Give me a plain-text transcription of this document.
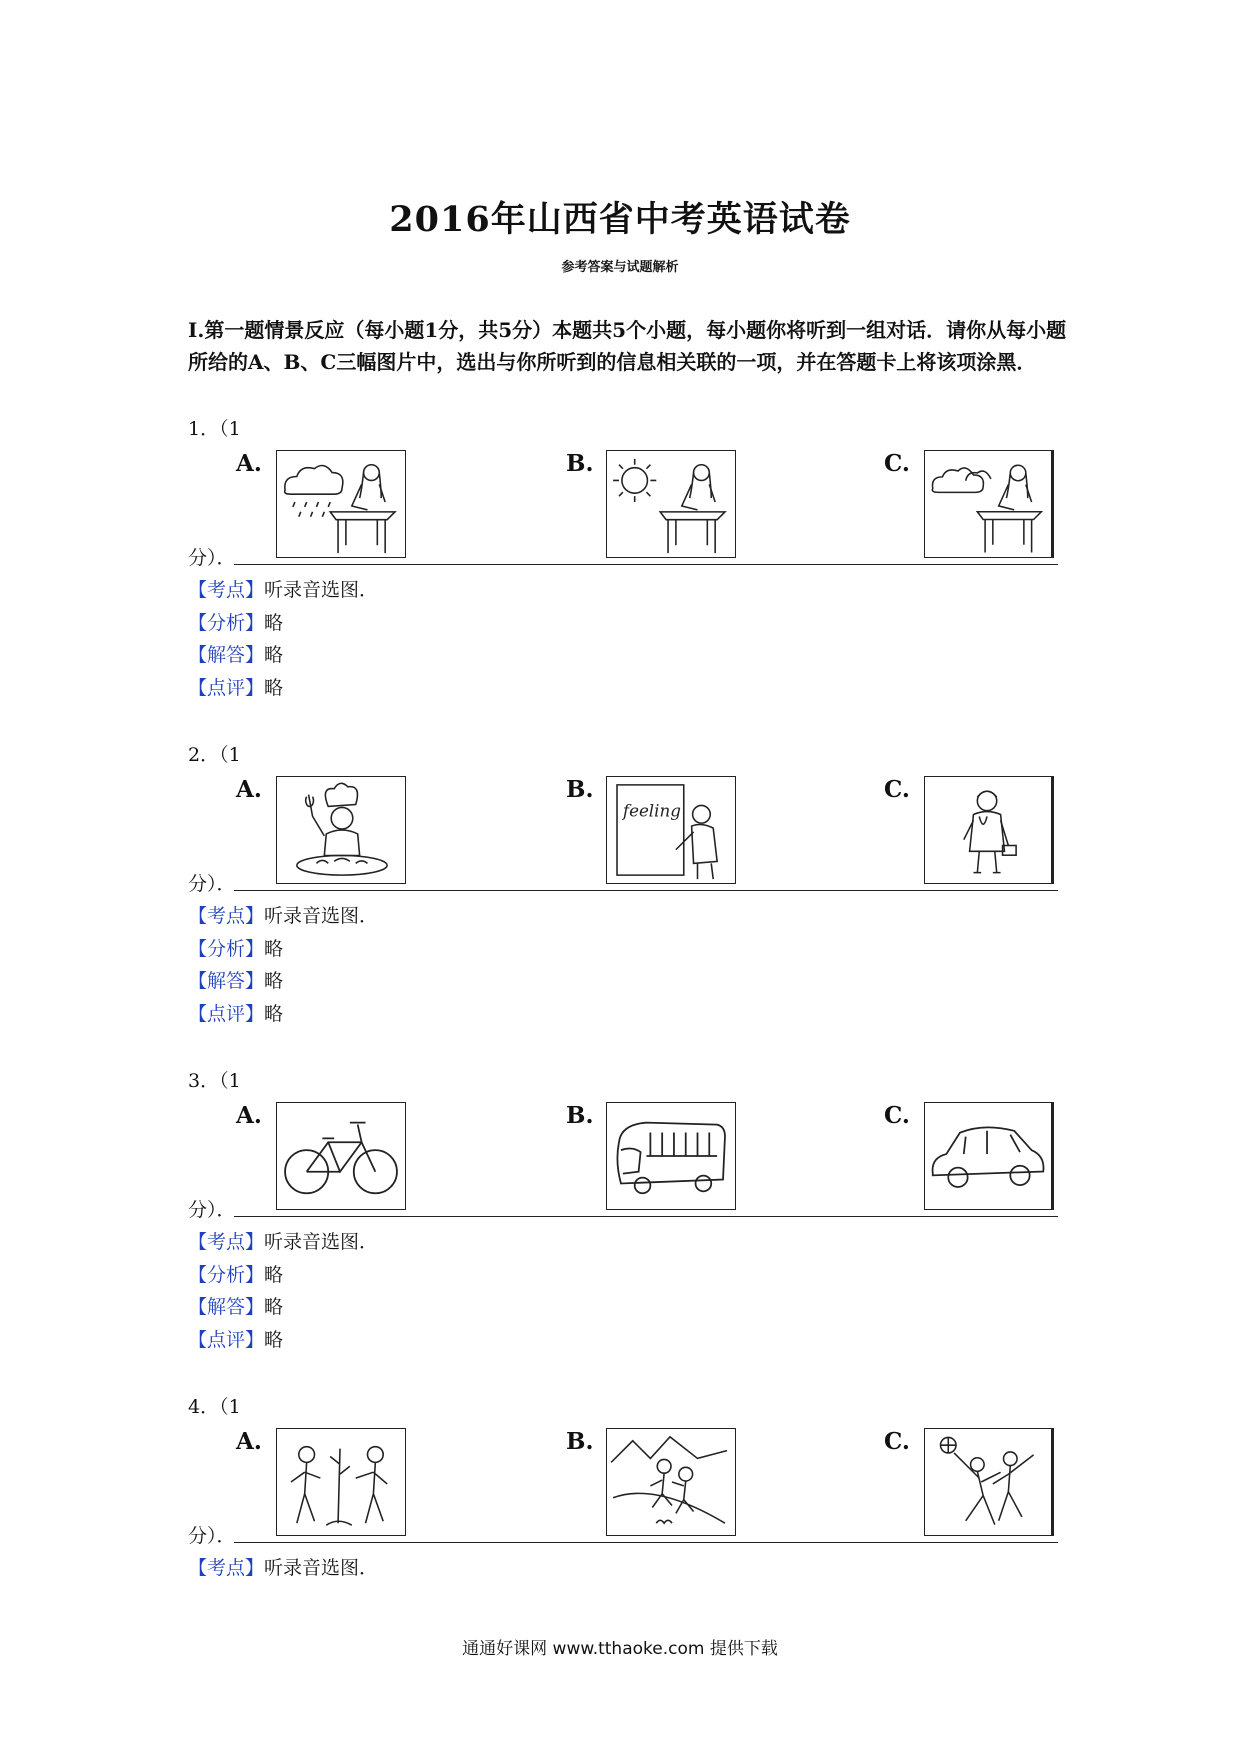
2016年山西省中考英语试卷
参考答案与试题解析
Ⅰ.第一题情景反应（每小题1分，共5分）本题共5个小题，每小题你将听到一组对话．请你从每小题所给的A、B、C三幅图片中，选出与你所听到的信息相关联的一项，并在答题卡上将该项涂黑．
1．（1
分）．
A.	B.	C.
【考点】听录音选图．
【分析】略
【解答】略
【点评】略
2．（1
分）．
A.	B.
feeling
C.
【考点】听录音选图．
【分析】略
【解答】略
【点评】略
3．（1
分）．
A.	B.	C.
【考点】听录音选图．
【分析】略
【解答】略
【点评】略
4．（1
分）．
A.	B.	C.
【考点】听录音选图．
通通好课网 www.tthaoke.com 提供下载
